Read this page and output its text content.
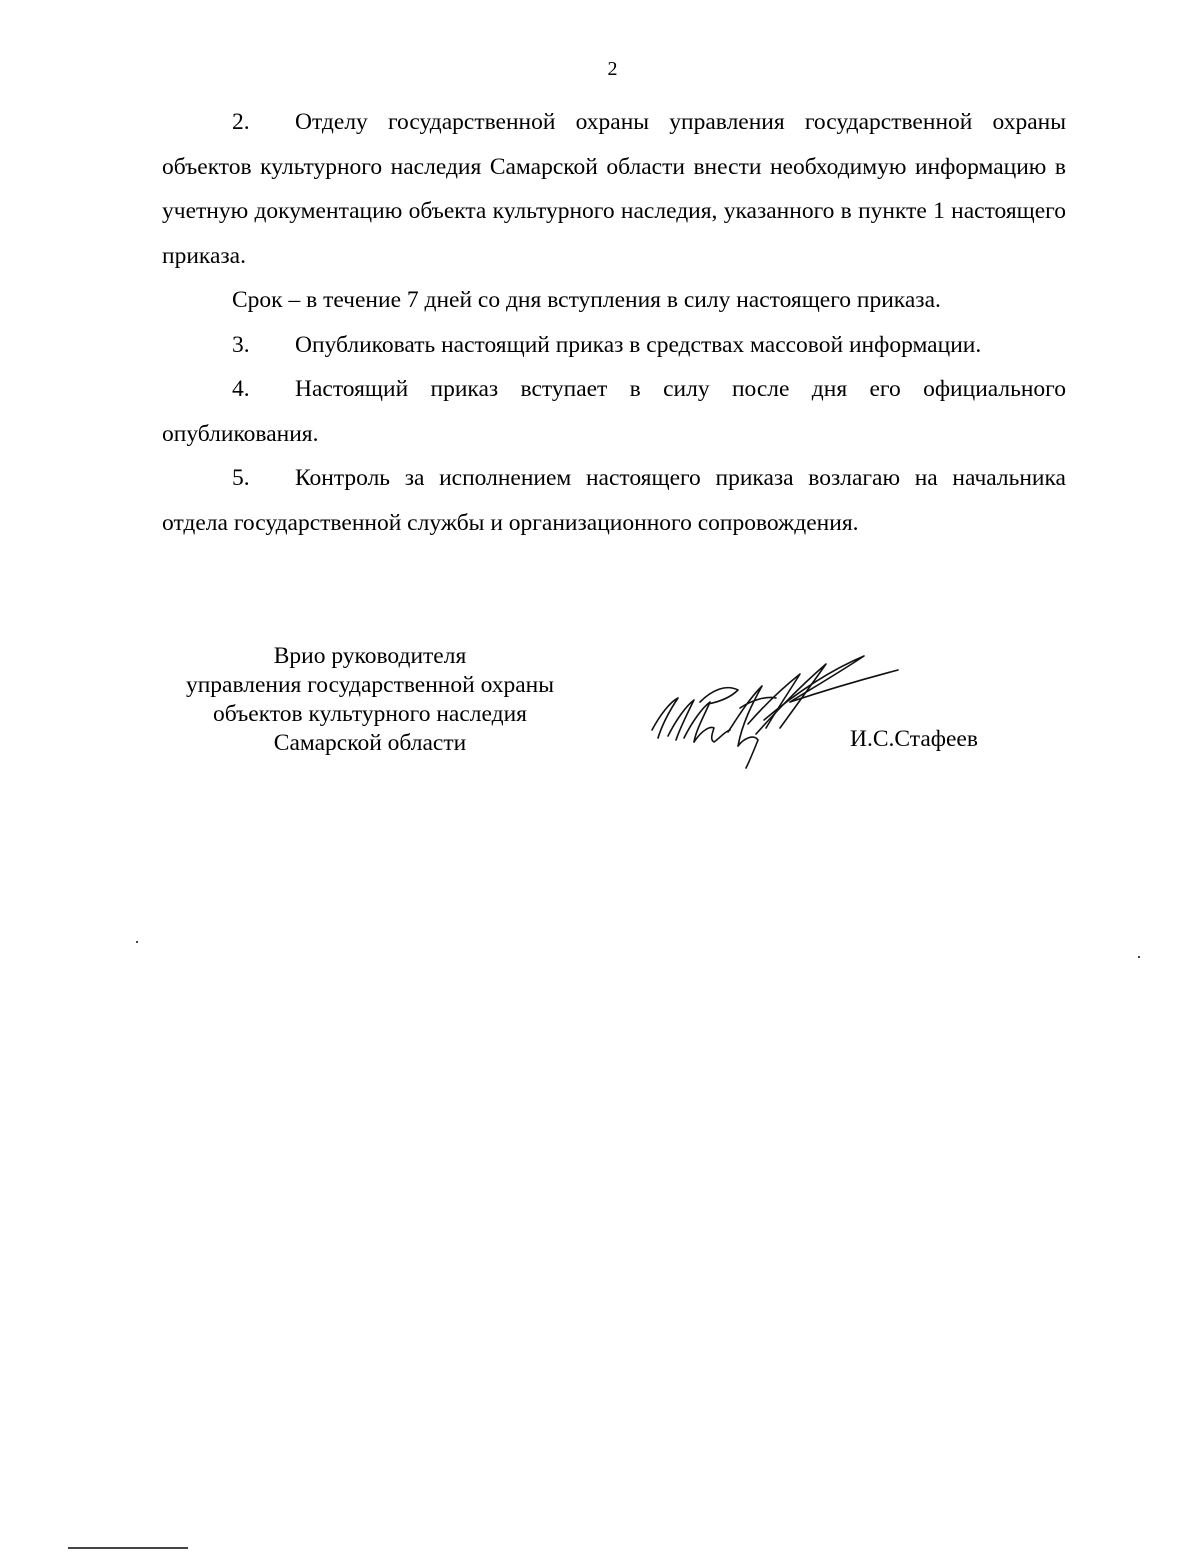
2

2. Отделу государственной охраны управления государственной охраны объектов культурного наследия Самарской области внести необходимую информацию в учетную документацию объекта культурного наследия, указанного в пункте 1 настоящего приказа.

Срок – в течение 7 дней со дня вступления в силу настоящего приказа.

3. Опубликовать настоящий приказ в средствах массовой информации.

4. Настоящий приказ вступает в силу после дня его официального опубликования.

5. Контроль за исполнением настоящего приказа возлагаю на начальника отдела государственной службы и организационного сопровождения.

Врио руководителя
управления государственной охраны
объектов культурного наследия
Самарской области	И.С.Стафеев
